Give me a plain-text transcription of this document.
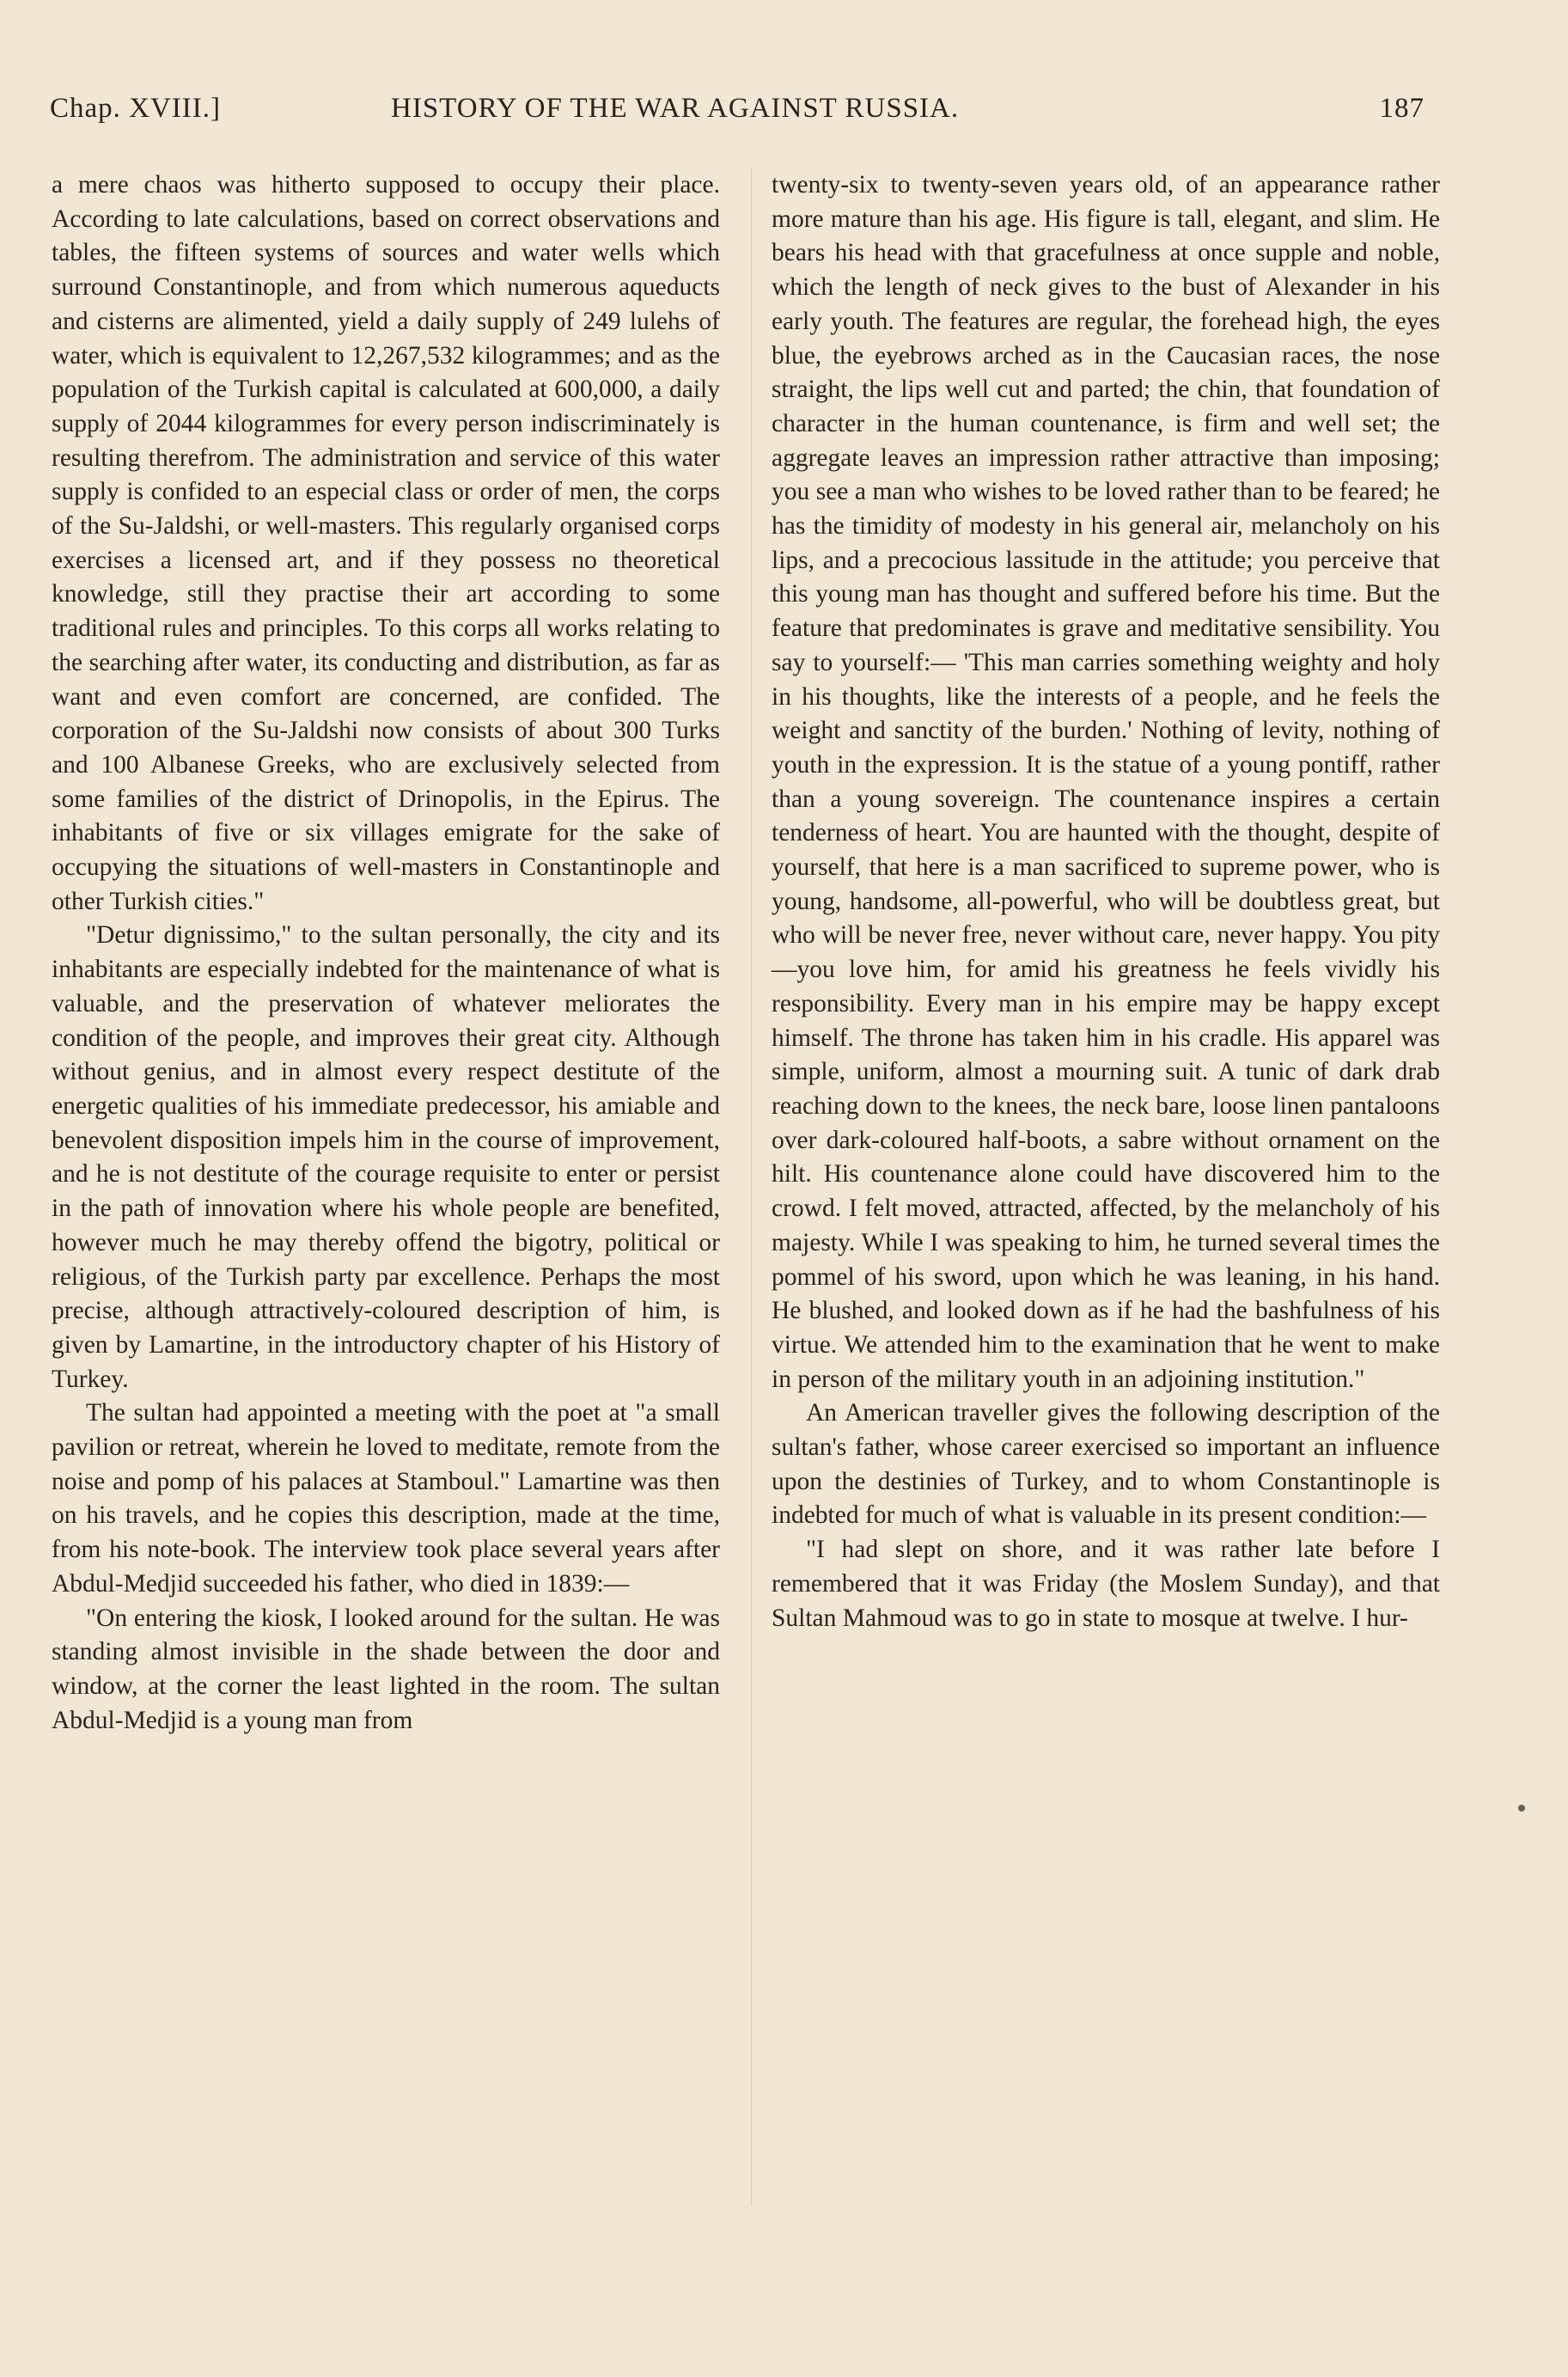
Chap. XVIII.]	HISTORY OF THE WAR AGAINST RUSSIA.	187

a mere chaos was hitherto supposed to occupy their place. According to late calculations, based on correct observations and tables, the fifteen systems of sources and water wells which surround Constantinople, and from which numerous aqueducts and cisterns are alimented, yield a daily supply of 249 lulehs of water, which is equivalent to 12,267,532 kilogrammes; and as the population of the Turkish capital is calculated at 600,000, a daily supply of 2044 kilogrammes for every person indiscriminately is resulting therefrom. The administration and service of this water supply is confided to an especial class or order of men, the corps of the Su-Jaldshi, or well-masters. This regularly organised corps exercises a licensed art, and if they possess no theoretical knowledge, still they practise their art according to some traditional rules and principles. To this corps all works relating to the searching after water, its conducting and distribution, as far as want and even comfort are concerned, are confided. The corporation of the Su-Jaldshi now consists of about 300 Turks and 100 Albanese Greeks, who are exclusively selected from some families of the district of Drinopolis, in the Epirus. The inhabitants of five or six villages emigrate for the sake of occupying the situations of well-masters in Constantinople and other Turkish cities."

"Detur dignissimo," to the sultan personally, the city and its inhabitants are especially indebted for the maintenance of what is valuable, and the preservation of whatever meliorates the condition of the people, and improves their great city. Although without genius, and in almost every respect destitute of the energetic qualities of his immediate predecessor, his amiable and benevolent disposition impels him in the course of improvement, and he is not destitute of the courage requisite to enter or persist in the path of innovation where his whole people are benefited, however much he may thereby offend the bigotry, political or religious, of the Turkish party par excellence. Perhaps the most precise, although attractively-coloured description of him, is given by Lamartine, in the introductory chapter of his History of Turkey.

The sultan had appointed a meeting with the poet at "a small pavilion or retreat, wherein he loved to meditate, remote from the noise and pomp of his palaces at Stamboul." Lamartine was then on his travels, and he copies this description, made at the time, from his note-book. The interview took place several years after Abdul-Medjid succeeded his father, who died in 1839:—

"On entering the kiosk, I looked around for the sultan. He was standing almost invisible in the shade between the door and window, at the corner the least lighted in the room. The sultan Abdul-Medjid is a young man from

twenty-six to twenty-seven years old, of an appearance rather more mature than his age. His figure is tall, elegant, and slim. He bears his head with that gracefulness at once supple and noble, which the length of neck gives to the bust of Alexander in his early youth. The features are regular, the forehead high, the eyes blue, the eyebrows arched as in the Caucasian races, the nose straight, the lips well cut and parted; the chin, that foundation of character in the human countenance, is firm and well set; the aggregate leaves an impression rather attractive than imposing; you see a man who wishes to be loved rather than to be feared; he has the timidity of modesty in his general air, melancholy on his lips, and a precocious lassitude in the attitude; you perceive that this young man has thought and suffered before his time. But the feature that predominates is grave and meditative sensibility. You say to yourself:— 'This man carries something weighty and holy in his thoughts, like the interests of a people, and he feels the weight and sanctity of the burden.' Nothing of levity, nothing of youth in the expression. It is the statue of a young pontiff, rather than a young sovereign. The countenance inspires a certain tenderness of heart. You are haunted with the thought, despite of yourself, that here is a man sacrificed to supreme power, who is young, handsome, all-powerful, who will be doubtless great, but who will be never free, never without care, never happy. You pity—you love him, for amid his greatness he feels vividly his responsibility. Every man in his empire may be happy except himself. The throne has taken him in his cradle. His apparel was simple, uniform, almost a mourning suit. A tunic of dark drab reaching down to the knees, the neck bare, loose linen pantaloons over dark-coloured half-boots, a sabre without ornament on the hilt. His countenance alone could have discovered him to the crowd. I felt moved, attracted, affected, by the melancholy of his majesty. While I was speaking to him, he turned several times the pommel of his sword, upon which he was leaning, in his hand. He blushed, and looked down as if he had the bashfulness of his virtue. We attended him to the examination that he went to make in person of the military youth in an adjoining institution."

An American traveller gives the following description of the sultan's father, whose career exercised so important an influence upon the destinies of Turkey, and to whom Constantinople is indebted for much of what is valuable in its present condition:—

"I had slept on shore, and it was rather late before I remembered that it was Friday (the Moslem Sunday), and that Sultan Mahmoud was to go in state to mosque at twelve. I hur-
